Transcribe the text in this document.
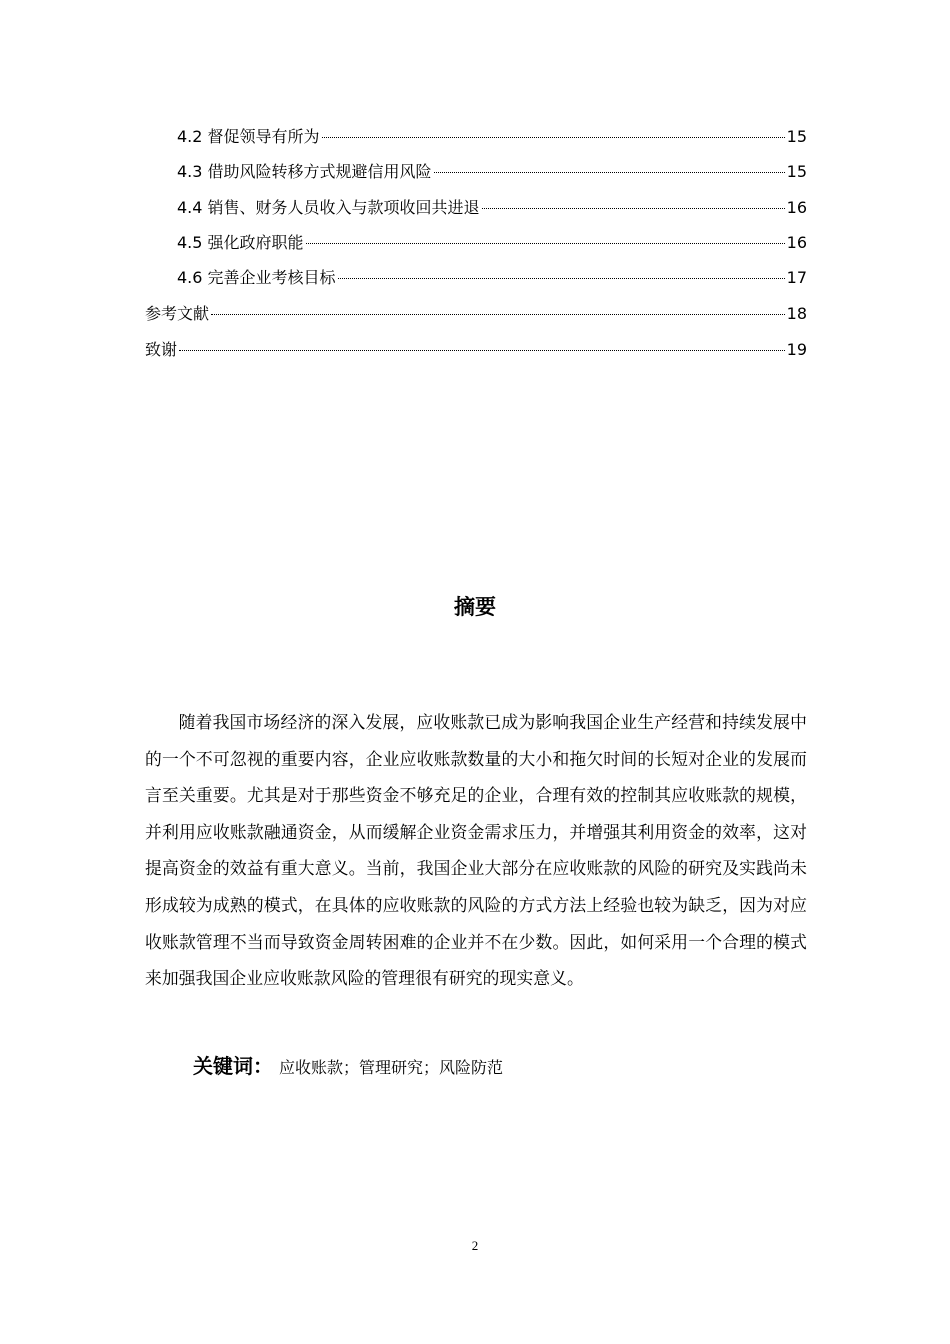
4.2 督促领导有所为	15
4.3 借助风险转移方式规避信用风险	15
4.4 销售、财务人员收入与款项收回共进退	16
4.5 强化政府职能	16
4.6 完善企业考核目标	17
参考文献	18
致谢	19
摘要

随着我国市场经济的深入发展，应收账款已成为影响我国企业生产经营和持续发展中的一个不可忽视的重要内容，企业应收账款数量的大小和拖欠时间的长短对企业的发展而言至关重要。尤其是对于那些资金不够充足的企业，合理有效的控制其应收账款的规模，并利用应收账款融通资金，从而缓解企业资金需求压力，并增强其利用资金的效率，这对提高资金的效益有重大意义。当前，我国企业大部分在应收账款的风险的研究及实践尚未形成较为成熟的模式，在具体的应收账款的风险的方式方法上经验也较为缺乏，因为对应收账款管理不当而导致资金周转困难的企业并不在少数。因此，如何采用一个合理的模式来加强我国企业应收账款风险的管理很有研究的现实意义。

关键词： 应收账款；管理研究；风险防范
2
